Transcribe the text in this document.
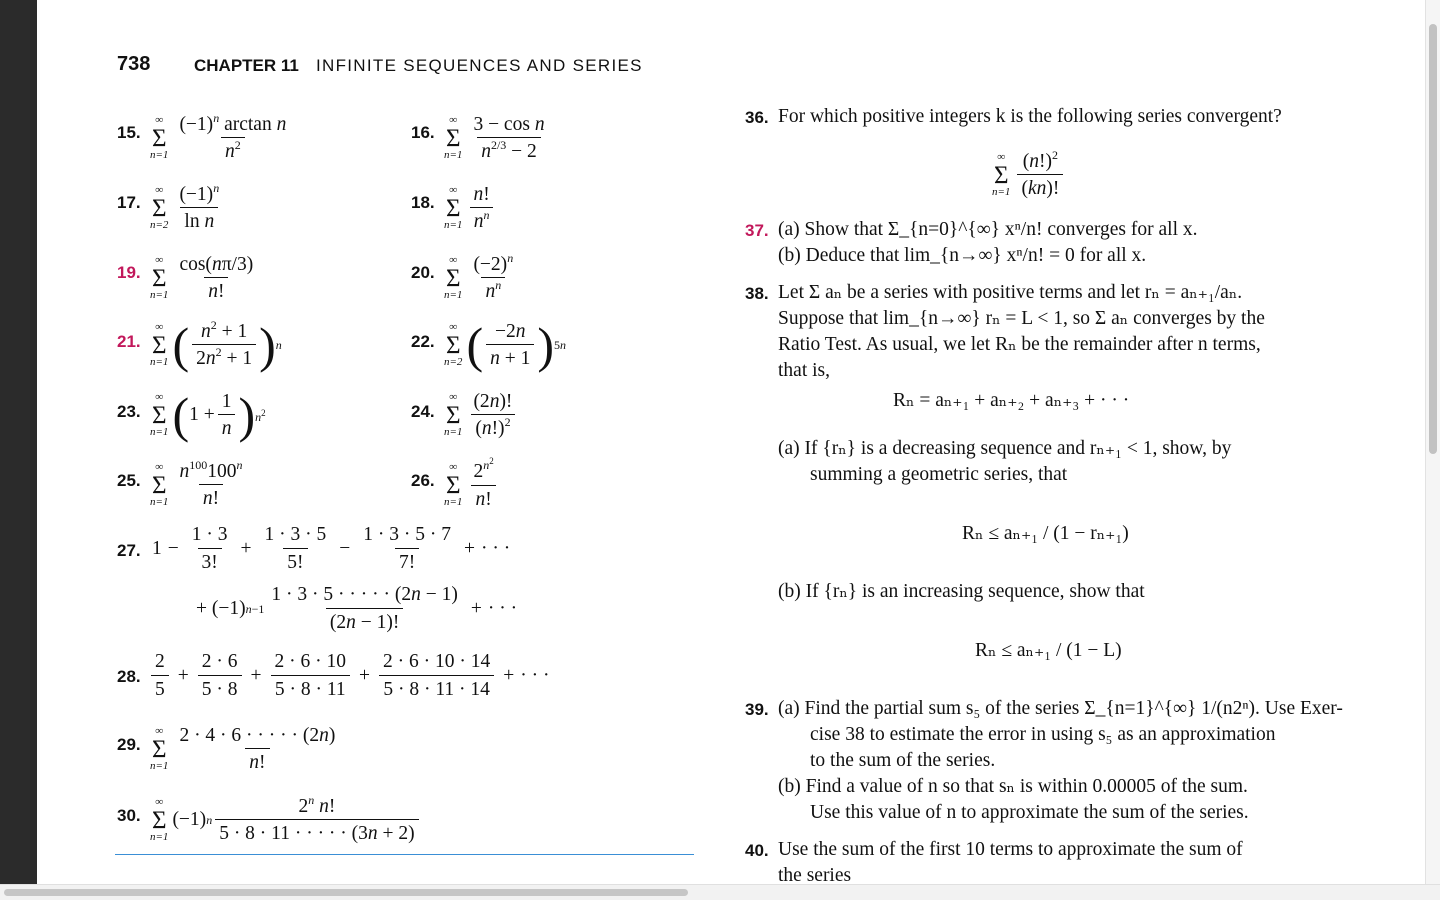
738	CHAPTER 11 INFINITE SEQUENCES AND SERIES
15.
∞
Σ
$n=1 \frac{(-1)^n \arctan n}{n^2}$	16.
∞
Σ
$n=1 \frac{\text{3 − cos n}}{n^{2/3} - 2}$
17.
∞
Σ
$n=2 \frac{(-1)^n}{\text{ln n}}$	18.
∞
Σ
$n=1 \frac{n!}{n^n}$
19.
∞
Σ
$n=1 \frac{\cos(n\pi/3)}{n!}$	20.
∞
Σ
$n=1 \frac{(-2)^n}{n^n}$
21.
∞
Σ
n=1 ( $\frac{n^2 + 1}{2n^2 + 1}$ ) n	22.
∞
Σ
n=2 ( $\frac{-2n}{n + 1}$ ) 5n
23.
∞
Σ
n=1 ( $1 + \frac{1}{n}$ ) $n^2$	24.
∞
Σ
$n=1 \frac{(2n)!}{(n!)^2}$
25.
∞
Σ
$n=1 \frac{n^{100}100^n}{n!}$	26.
∞
Σ
$n=1 \frac{2^{n^2}}{n!}$
27. $1 - \frac{1 \cdot 3}{3!} + \frac{1 \cdot 3 \cdot 5}{5!} - \frac{1 \cdot 3 \cdot 5 \cdot 7}{7!}$ + · · ·
+ (−1) $n-1 \frac{1 \cdot 3 \cdot 5 \cdot \cdot \cdot \cdot \cdot (2n - 1)}{(2n - 1)!}$ + · · ·
28. $\frac{2}{5} + \frac{2 \cdot 6}{5 \cdot 8} + \frac{2 \cdot 6 \cdot 10}{5 \cdot 8 \cdot 11} + \frac{2 \cdot 6 \cdot 10 \cdot 14}{5 \cdot 8 \cdot 11 \cdot 14}$ + · · ·
29.
∞
Σ
$n=1 \frac{2 \cdot 4 \cdot 6 \cdot \cdot \cdot \cdot \cdot (2n)}{n!}$
30.
∞
Σ
n=1
(−1) n $\frac{2^n n!}{5 \cdot 8 \cdot 11 \cdot \cdot \cdot \cdot \cdot (3n + 2)}$
36. For which positive integers k is the following series convergent?
∞
Σ
$n=1 \frac{(n!)^2}{(kn)!}$
37. (a) Show that Σ_{n=0}^{∞} xⁿ/n! converges for all x.
(b) Deduce that lim_{n→∞} xⁿ/n! = 0 for all x.
38. Let Σ aₙ be a series with positive terms and let rₙ = aₙ₊₁/aₙ.
Suppose that lim_{n→∞} rₙ = L < 1, so Σ aₙ converges by the
Ratio Test. As usual, we let Rₙ be the remainder after n terms,
that is,
Rₙ = aₙ₊₁ + aₙ₊₂ + aₙ₊₃ + · · ·
(a) If {rₙ} is a decreasing sequence and rₙ₊₁ < 1, show, by
summing a geometric series, that
Rₙ ≤ aₙ₊₁ / (1 − rₙ₊₁)
(b) If {rₙ} is an increasing sequence, show that
Rₙ ≤ aₙ₊₁ / (1 − L)
39. (a) Find the partial sum s₅ of the series Σ_{n=1}^{∞} 1/(n2ⁿ). Use Exer-
cise 38 to estimate the error in using s₅ as an approximation
to the sum of the series.
(b) Find a value of n so that sₙ is within 0.00005 of the sum.
Use this value of n to approximate the sum of the series.
40. Use the sum of the first 10 terms to approximate the sum of
the series
